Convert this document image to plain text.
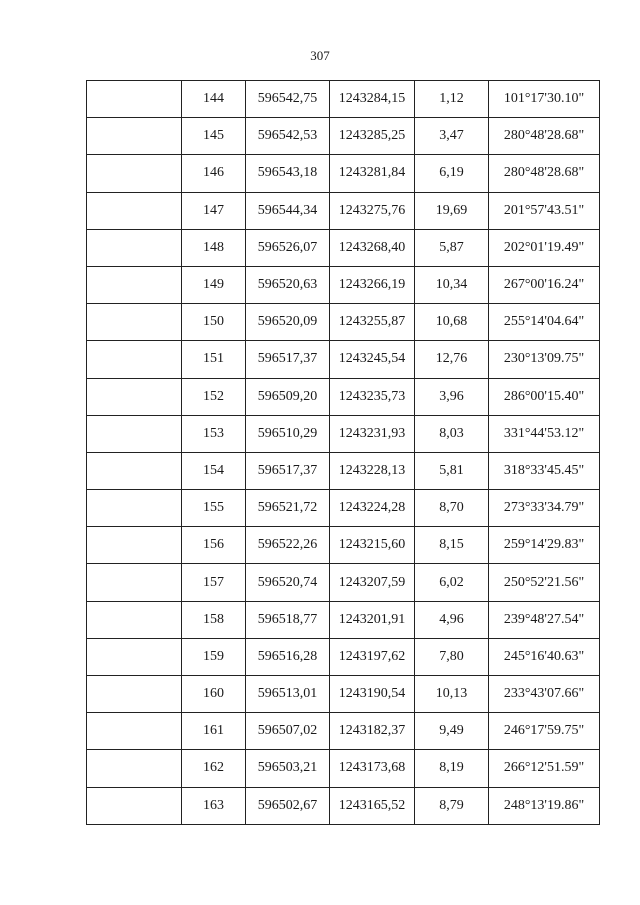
307
	144	596542,75	1243284,15	1,12	101°17'30.10"
	145	596542,53	1243285,25	3,47	280°48'28.68"
	146	596543,18	1243281,84	6,19	280°48'28.68"
	147	596544,34	1243275,76	19,69	201°57'43.51"
	148	596526,07	1243268,40	5,87	202°01'19.49"
	149	596520,63	1243266,19	10,34	267°00'16.24"
	150	596520,09	1243255,87	10,68	255°14'04.64"
	151	596517,37	1243245,54	12,76	230°13'09.75"
	152	596509,20	1243235,73	3,96	286°00'15.40"
	153	596510,29	1243231,93	8,03	331°44'53.12"
	154	596517,37	1243228,13	5,81	318°33'45.45"
	155	596521,72	1243224,28	8,70	273°33'34.79"
	156	596522,26	1243215,60	8,15	259°14'29.83"
	157	596520,74	1243207,59	6,02	250°52'21.56"
	158	596518,77	1243201,91	4,96	239°48'27.54"
	159	596516,28	1243197,62	7,80	245°16'40.63"
	160	596513,01	1243190,54	10,13	233°43'07.66"
	161	596507,02	1243182,37	9,49	246°17'59.75"
	162	596503,21	1243173,68	8,19	266°12'51.59"
	163	596502,67	1243165,52	8,79	248°13'19.86"
